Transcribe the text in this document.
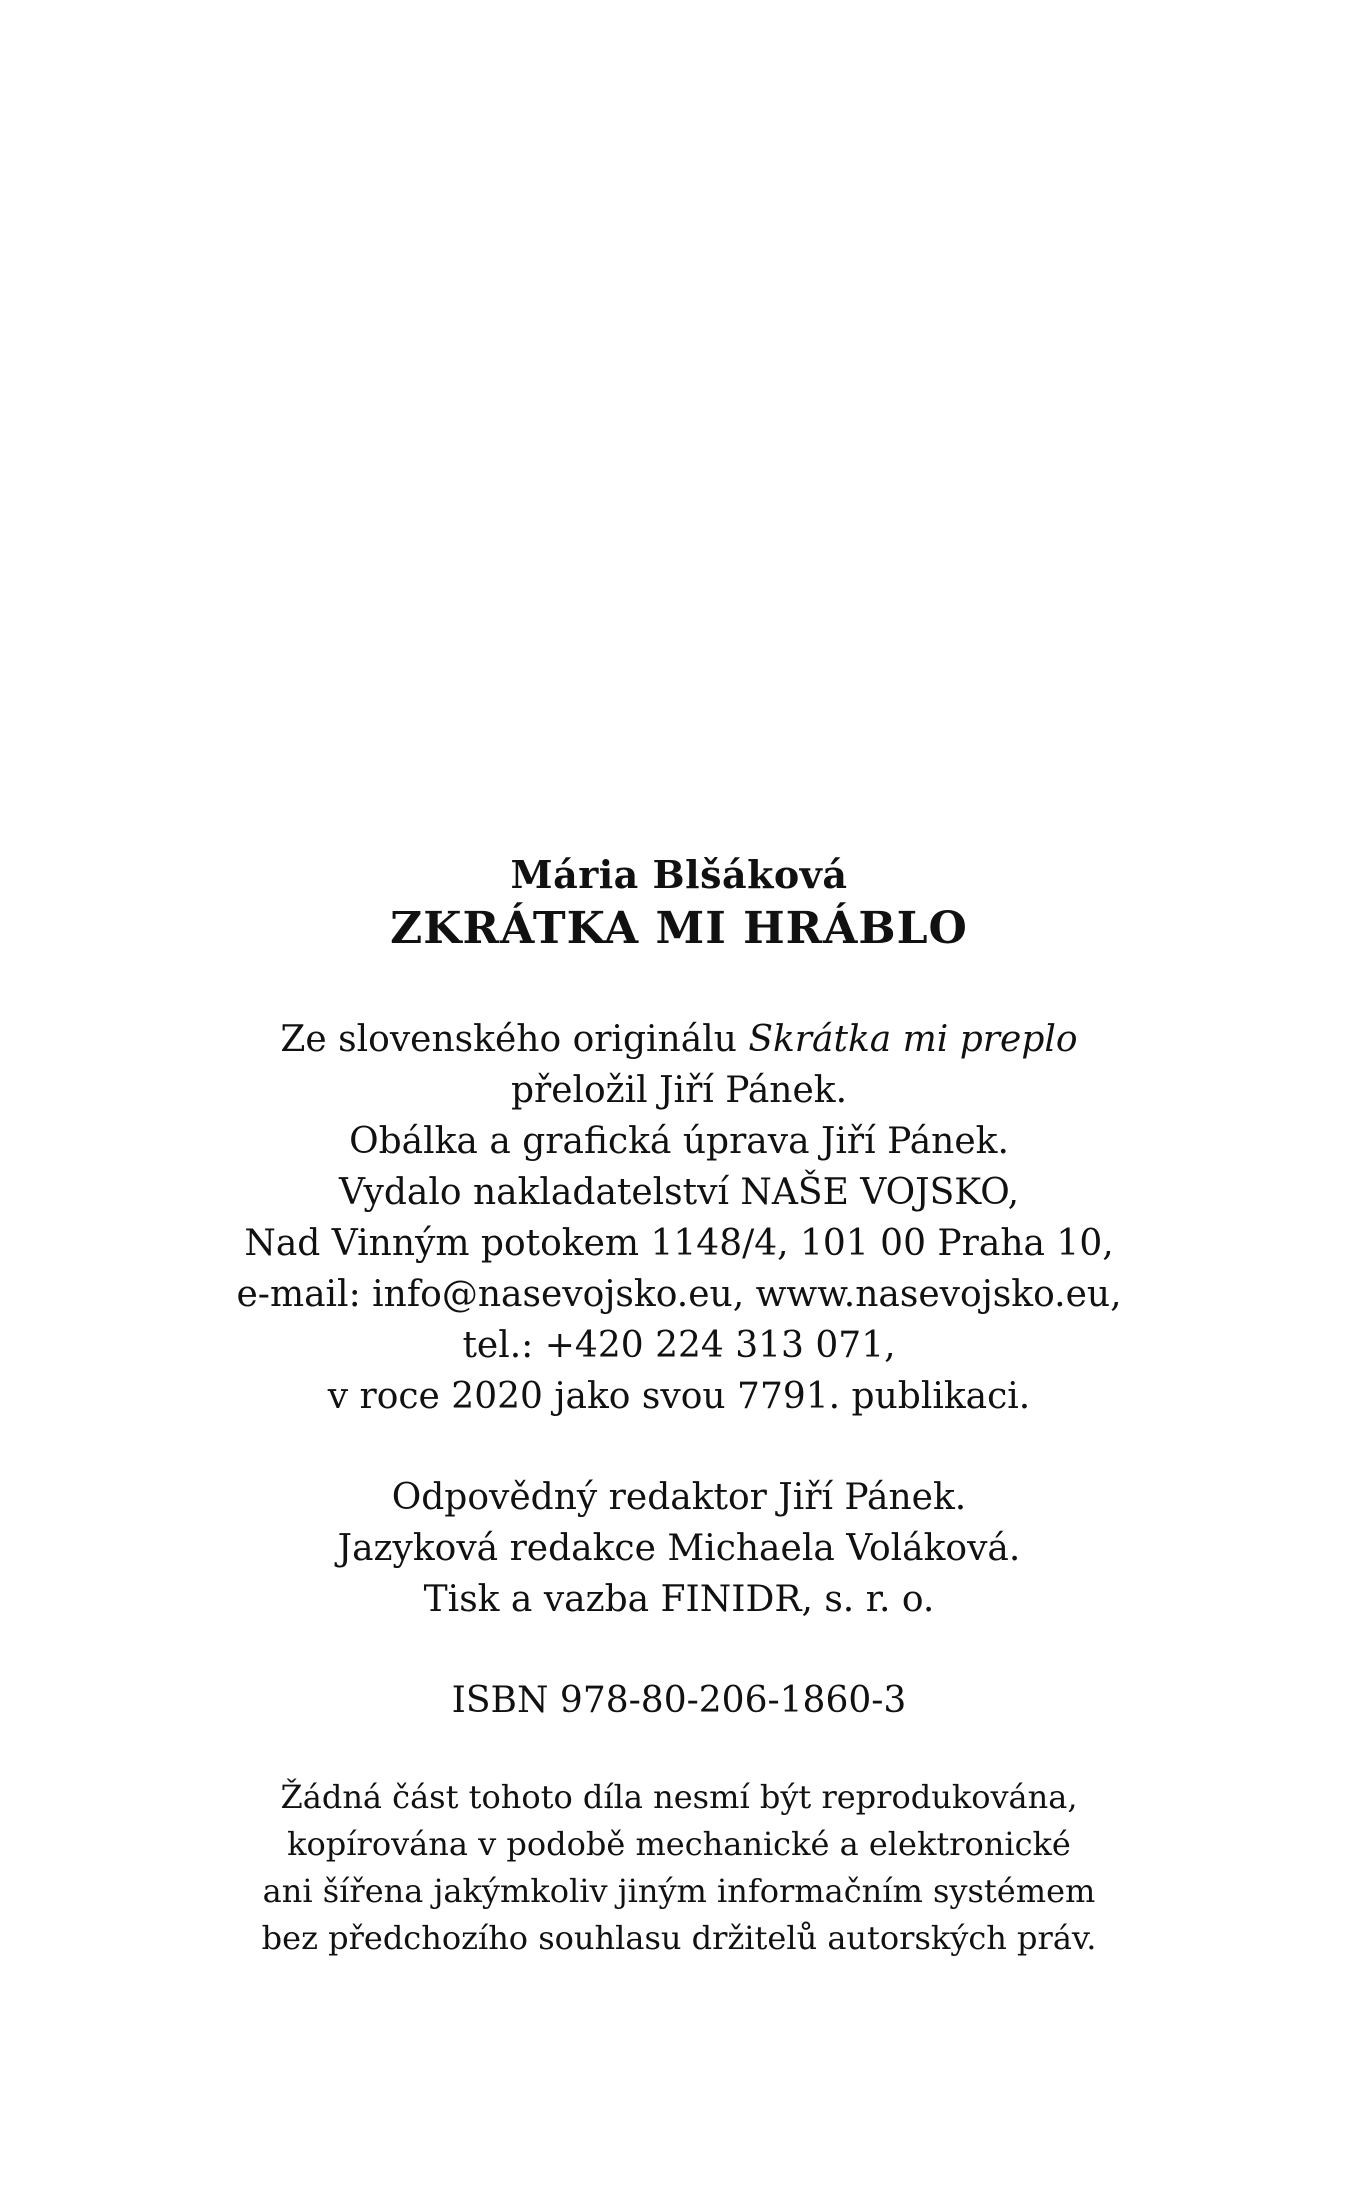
Mária Blšáková
ZKRÁTKA MI HRÁBLO

Ze slovenského originálu Skrátka mi preplo
přeložil Jiří Pánek.
Obálka a grafická úprava Jiří Pánek.
Vydalo nakladatelství NAŠE VOJSKO,
Nad Vinným potokem 1148/4, 101 00 Praha 10,
e-mail: info@nasevojsko.eu, www.nasevojsko.eu,
tel.: +420 224 313 071,
v roce 2020 jako svou 7791. publikaci.

Odpovědný redaktor Jiří Pánek.
Jazyková redakce Michaela Voláková.
Tisk a vazba FINIDR, s. r. o.

ISBN 978-80-206-1860-3

Žádná část tohoto díla nesmí být reprodukována,
kopírována v podobě mechanické a elektronické
ani šířena jakýmkoliv jiným informačním systémem
bez předchozího souhlasu držitelů autorských práv.
